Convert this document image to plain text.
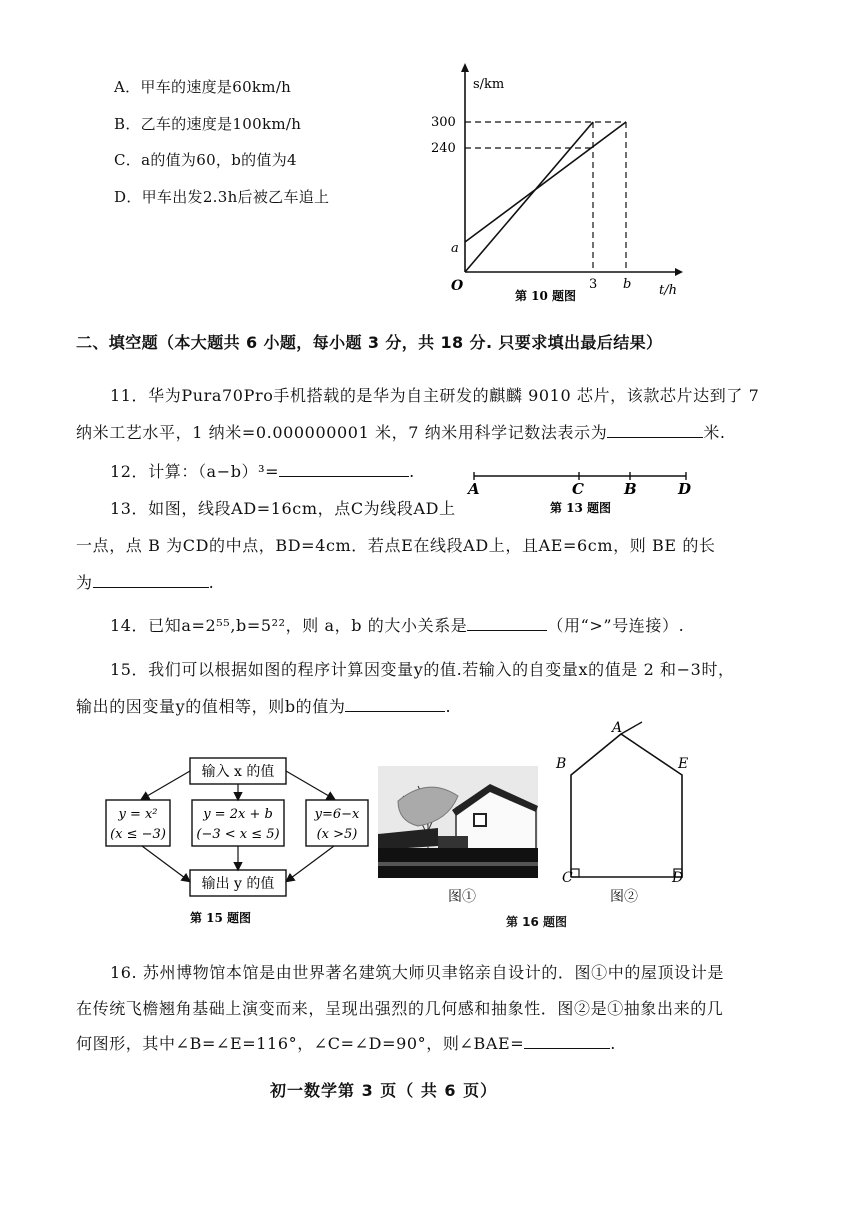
A．甲车的速度是60km/h
B．乙车的速度是100km/h
C．a的值为60，b的值为4
D．甲车出发2.3h后被乙车追上
s/km
300
240
a
O	3 b t/h
第 10 题图
二、填空题（本大题共 6 小题，每小题 3 分，共 18 分. 只要求填出最后结果）
11．华为Pura70Pro手机搭载的是华为自主研发的麒麟 9010 芯片，该款芯片达到了 7
纳米工艺水平，1 纳米=0.000000001 米，7 纳米用科学记数法表示为	米.
12．计算：（a−b）³=	.
A	C	B	D
第 13 题图
13．如图，线段AD=16cm，点C为线段AD上
一点，点 B 为CD的中点，BD=4cm．若点E在线段AD上，且AE=6cm，则 BE 的长
为	.
14．已知a=2⁵⁵,b=5²²，则 a，b 的大小关系是	（用“>”号连接）.
15．我们可以根据如图的程序计算因变量y的值.若输入的自变量x的值是 2 和−3时，
输出的因变量y的值相等，则b的值为	.
输入 x 的值
y = x²
(x ≤ −3)
y = 2x + b
(−3 < x ≤ 5)
y=6−x
(x >5)
输出 y 的值
第 15 题图
图①
A
B	E
C	D
图②
第 16 题图
16. 苏州博物馆本馆是由世界著名建筑大师贝聿铭亲自设计的．图①中的屋顶设计是
在传统飞檐翘角基础上演变而来，呈现出强烈的几何感和抽象性．图②是①抽象出来的几
何图形，其中∠B=∠E=116°，∠C=∠D=90°，则∠BAE=	.
初一数学第 3 页（ 共 6 页）
